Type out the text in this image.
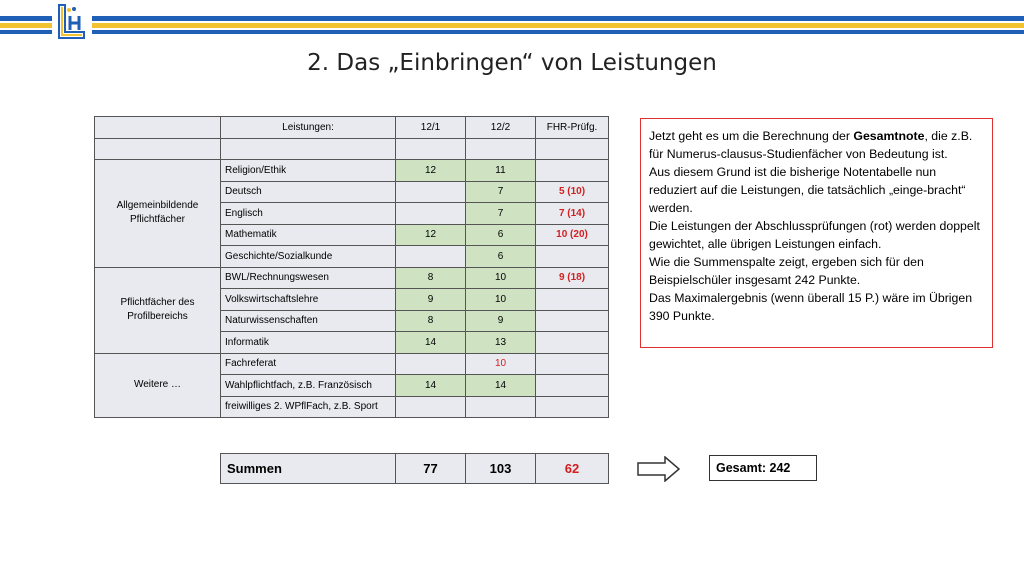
2. Das „Einbringen“ von Leistungen
	Leistungen:	12/1	12/2	FHR-Prüfg.

Allgemeinbildende Pflichtfächer	Religion/Ethik	12	11	
	Deutsch		7	5 (10)
	Englisch		7	7 (14)
	Mathematik	12	6	10 (20)
	Geschichte/Sozialkunde		6	
Pflichtfächer des Profilbereichs	BWL/Rechnungswesen	8	10	9 (18)
	Volkswirtschaftslehre	9	10	
	Naturwissenschaften	8	9	
	Informatik	14	13	
Weitere …	Fachreferat		10	
	Wahlpflichtfach, z.B. Französisch	14	14	
	freiwilliges 2. WPflFach, z.B. Sport			
Summen	77	103	62

Jetzt geht es um die Berechnung der Gesamtnote, die z.B. für Numerus-clausus-Studienfächer von Bedeutung ist.

Aus diesem Grund ist die bisherige Notentabelle nun reduziert auf die Leistungen, die tatsächlich „einge-bracht“ werden.

Die Leistungen der Abschlussprüfungen (rot) werden doppelt gewichtet, alle übrigen Leistungen einfach.

Wie die Summenspalte zeigt, ergeben sich für den Beispielschüler insgesamt 242 Punkte.

Das Maximalergebnis (wenn überall 15 P.) wäre im Übrigen 390 Punkte.

Gesamt: 242
